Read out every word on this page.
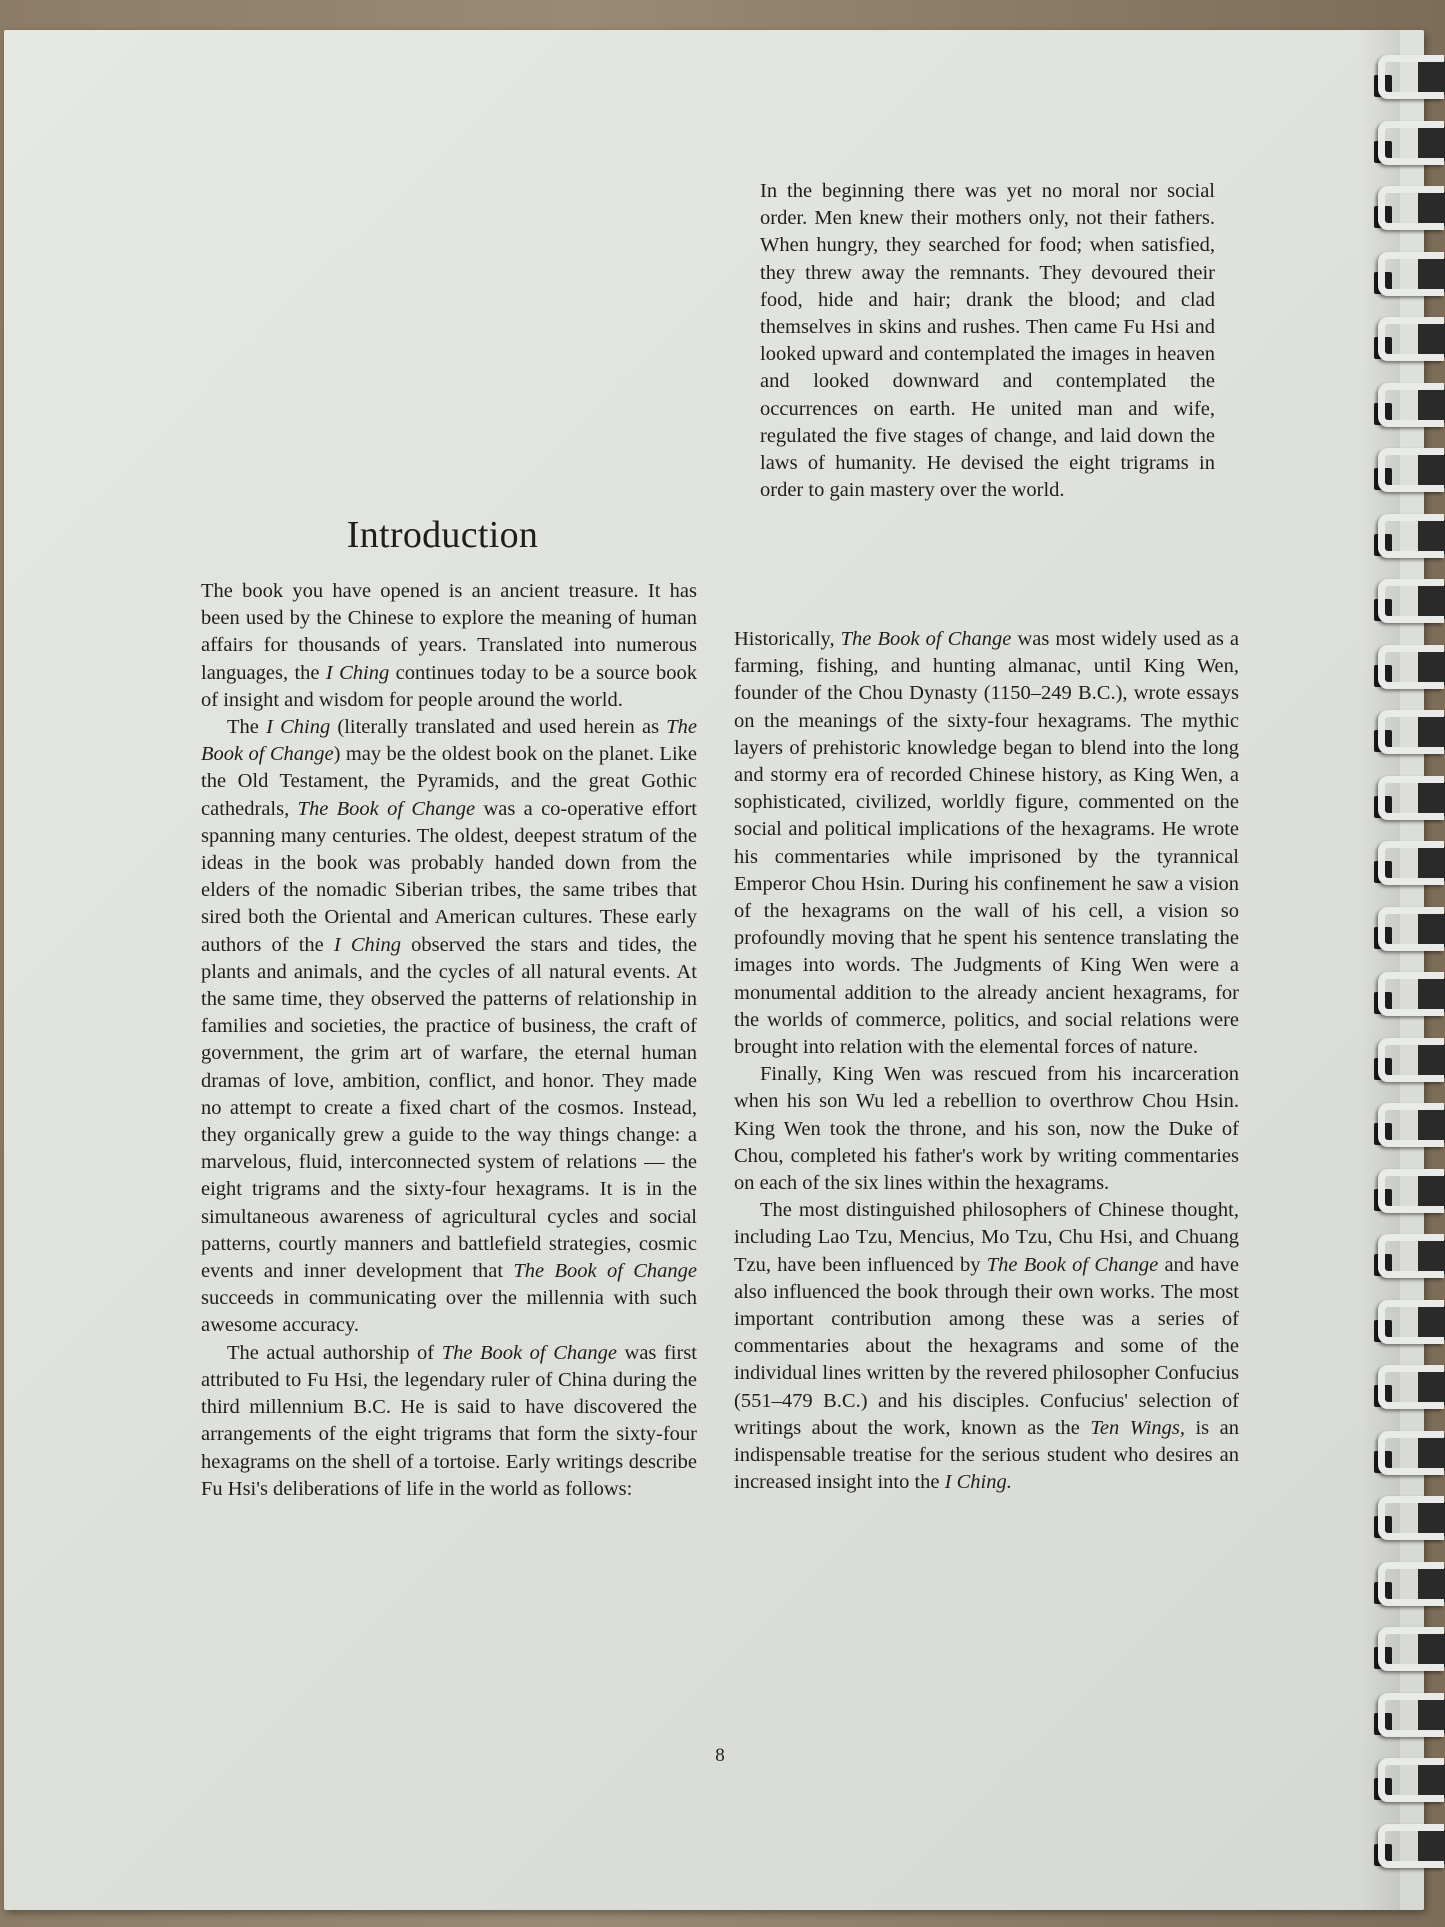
In the beginning there was yet no moral nor social order. Men knew their mothers only, not their fathers. When hungry, they searched for food; when satisfied, they threw away the remnants. They devoured their food, hide and hair; drank the blood; and clad themselves in skins and rushes. Then came Fu Hsi and looked upward and contemplated the images in heaven and looked downward and contemplated the occurrences on earth. He united man and wife, regulated the five stages of change, and laid down the laws of humanity. He devised the eight trigrams in order to gain mastery over the world.

Introduction

The book you have opened is an ancient treasure. It has been used by the Chinese to explore the meaning of human affairs for thousands of years. Translated into numerous languages, the I Ching continues today to be a source book of insight and wisdom for people around the world.

The I Ching (literally translated and used herein as The Book of Change) may be the oldest book on the planet. Like the Old Testament, the Pyramids, and the great Gothic cathedrals, The Book of Change was a co-operative effort spanning many centuries. The oldest, deepest stratum of the ideas in the book was probably handed down from the elders of the nomadic Siberian tribes, the same tribes that sired both the Oriental and American cultures. These early authors of the I Ching observed the stars and tides, the plants and animals, and the cycles of all natural events. At the same time, they observed the patterns of relationship in families and societies, the practice of business, the craft of government, the grim art of warfare, the eternal human dramas of love, ambition, conflict, and honor. They made no attempt to create a fixed chart of the cosmos. Instead, they organically grew a guide to the way things change: a marvelous, fluid, interconnected system of relations — the eight trigrams and the sixty-four hexagrams. It is in the simultaneous awareness of agricultural cycles and social patterns, courtly manners and battlefield strategies, cosmic events and inner development that The Book of Change succeeds in communicating over the millennia with such awesome accuracy.

The actual authorship of The Book of Change was first attributed to Fu Hsi, the legendary ruler of China during the third millennium B.C. He is said to have discovered the arrangements of the eight trigrams that form the sixty-four hexagrams on the shell of a tortoise. Early writings describe Fu Hsi's deliberations of life in the world as follows:

Historically, The Book of Change was most widely used as a farming, fishing, and hunting almanac, until King Wen, founder of the Chou Dynasty (1150–249 B.C.), wrote essays on the meanings of the sixty-four hexagrams. The mythic layers of prehistoric knowledge began to blend into the long and stormy era of recorded Chinese history, as King Wen, a sophisticated, civilized, worldly figure, commented on the social and political implications of the hexagrams. He wrote his commentaries while imprisoned by the tyrannical Emperor Chou Hsin. During his confinement he saw a vision of the hexagrams on the wall of his cell, a vision so profoundly moving that he spent his sentence translating the images into words. The Judgments of King Wen were a monumental addition to the already ancient hexagrams, for the worlds of commerce, politics, and social relations were brought into relation with the elemental forces of nature.

Finally, King Wen was rescued from his incarceration when his son Wu led a rebellion to overthrow Chou Hsin. King Wen took the throne, and his son, now the Duke of Chou, completed his father's work by writing commentaries on each of the six lines within the hexagrams.

The most distinguished philosophers of Chinese thought, including Lao Tzu, Mencius, Mo Tzu, Chu Hsi, and Chuang Tzu, have been influenced by The Book of Change and have also influenced the book through their own works. The most important contribution among these was a series of commentaries about the hexagrams and some of the individual lines written by the revered philosopher Confucius (551–479 B.C.) and his disciples. Confucius' selection of writings about the work, known as the Ten Wings, is an indispensable treatise for the serious student who desires an increased insight into the I Ching.

8
